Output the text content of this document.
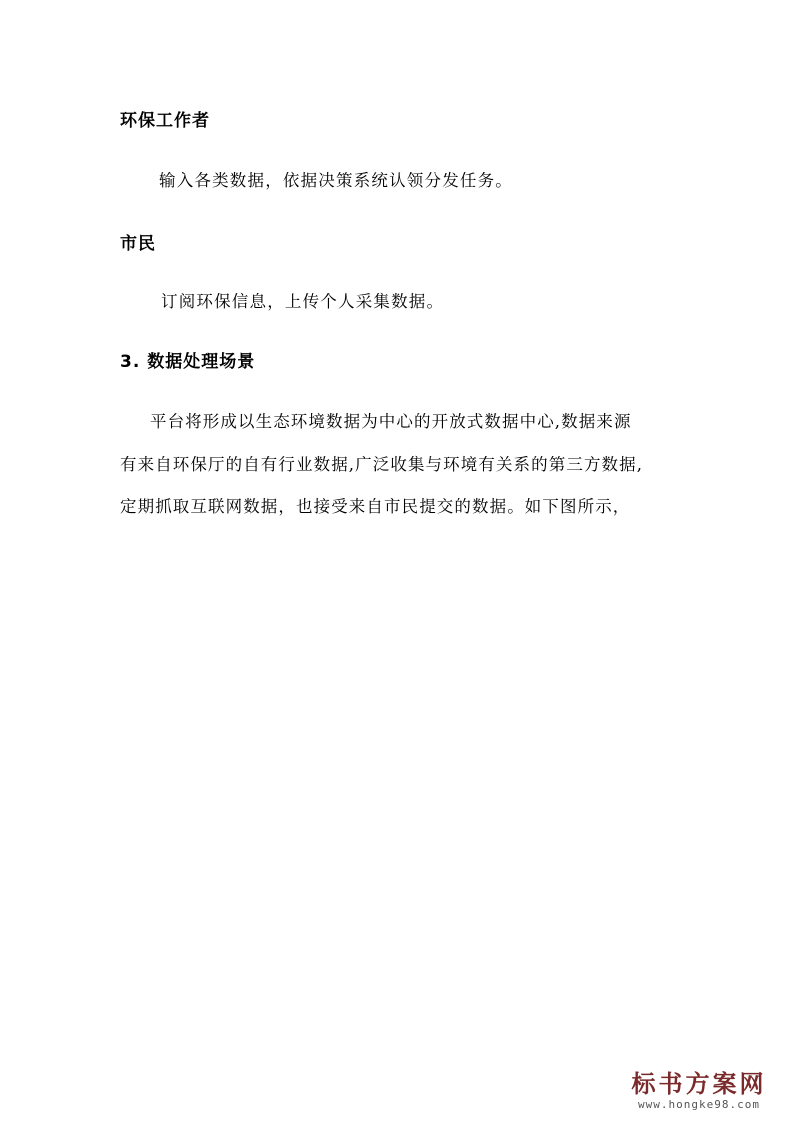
环保工作者
输入各类数据，依据决策系统认领分发任务。
市民
订阅环保信息，上传个人采集数据。
3. 数据处理场景
平台将形成以生态环境数据为中心的开放式数据中心,数据来源
有来自环保厅的自有行业数据,广泛收集与环境有关系的第三方数据,
定期抓取互联网数据，也接受来自市民提交的数据。如下图所示，
标书方案网
www.hongke98.com
